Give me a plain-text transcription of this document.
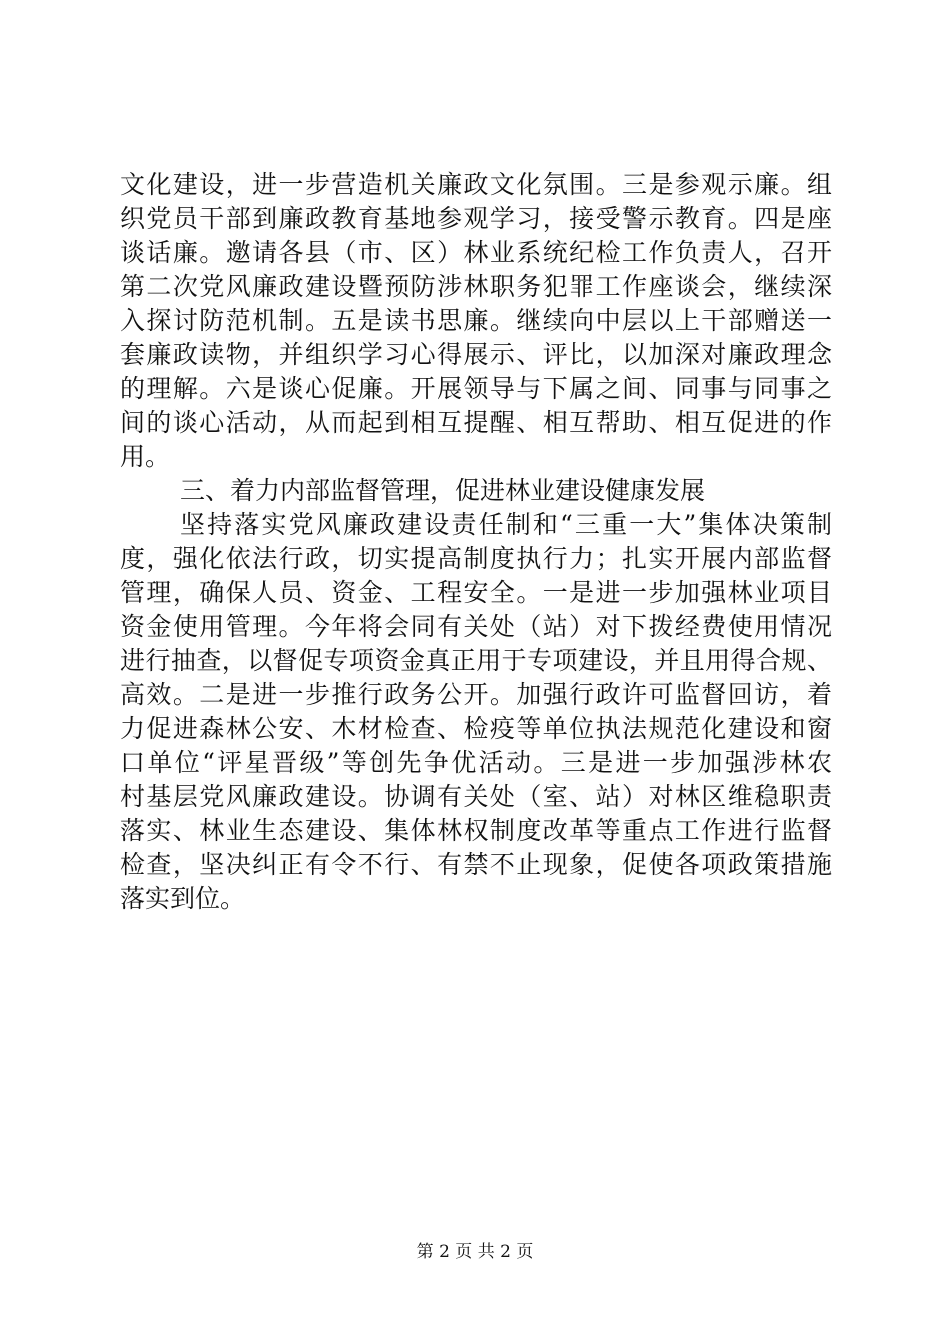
文化建设，进一步营造机关廉政文化氛围。三是参观示廉。组
织党员干部到廉政教育基地参观学习，接受警示教育。四是座
谈话廉。邀请各县（市、区）林业系统纪检工作负责人，召开
第二次党风廉政建设暨预防涉林职务犯罪工作座谈会，继续深
入探讨防范机制。五是读书思廉。继续向中层以上干部赠送一
套廉政读物，并组织学习心得展示、评比，以加深对廉政理念
的理解。六是谈心促廉。开展领导与下属之间、同事与同事之
间的谈心活动，从而起到相互提醒、相互帮助、相互促进的作
用。
三、着力内部监督管理，促进林业建设健康发展
坚持落实党风廉政建设责任制和“三重一大”集体决策制
度，强化依法行政，切实提高制度执行力；扎实开展内部监督
管理，确保人员、资金、工程安全。一是进一步加强林业项目
资金使用管理。今年将会同有关处（站）对下拨经费使用情况
进行抽查，以督促专项资金真正用于专项建设，并且用得合规、
高效。二是进一步推行政务公开。加强行政许可监督回访，着
力促进森林公安、木材检查、检疫等单位执法规范化建设和窗
口单位“评星晋级”等创先争优活动。三是进一步加强涉林农
村基层党风廉政建设。协调有关处（室、站）对林区维稳职责
落实、林业生态建设、集体林权制度改革等重点工作进行监督
检查，坚决纠正有令不行、有禁不止现象，促使各项政策措施
落实到位。
第 2 页 共 2 页
